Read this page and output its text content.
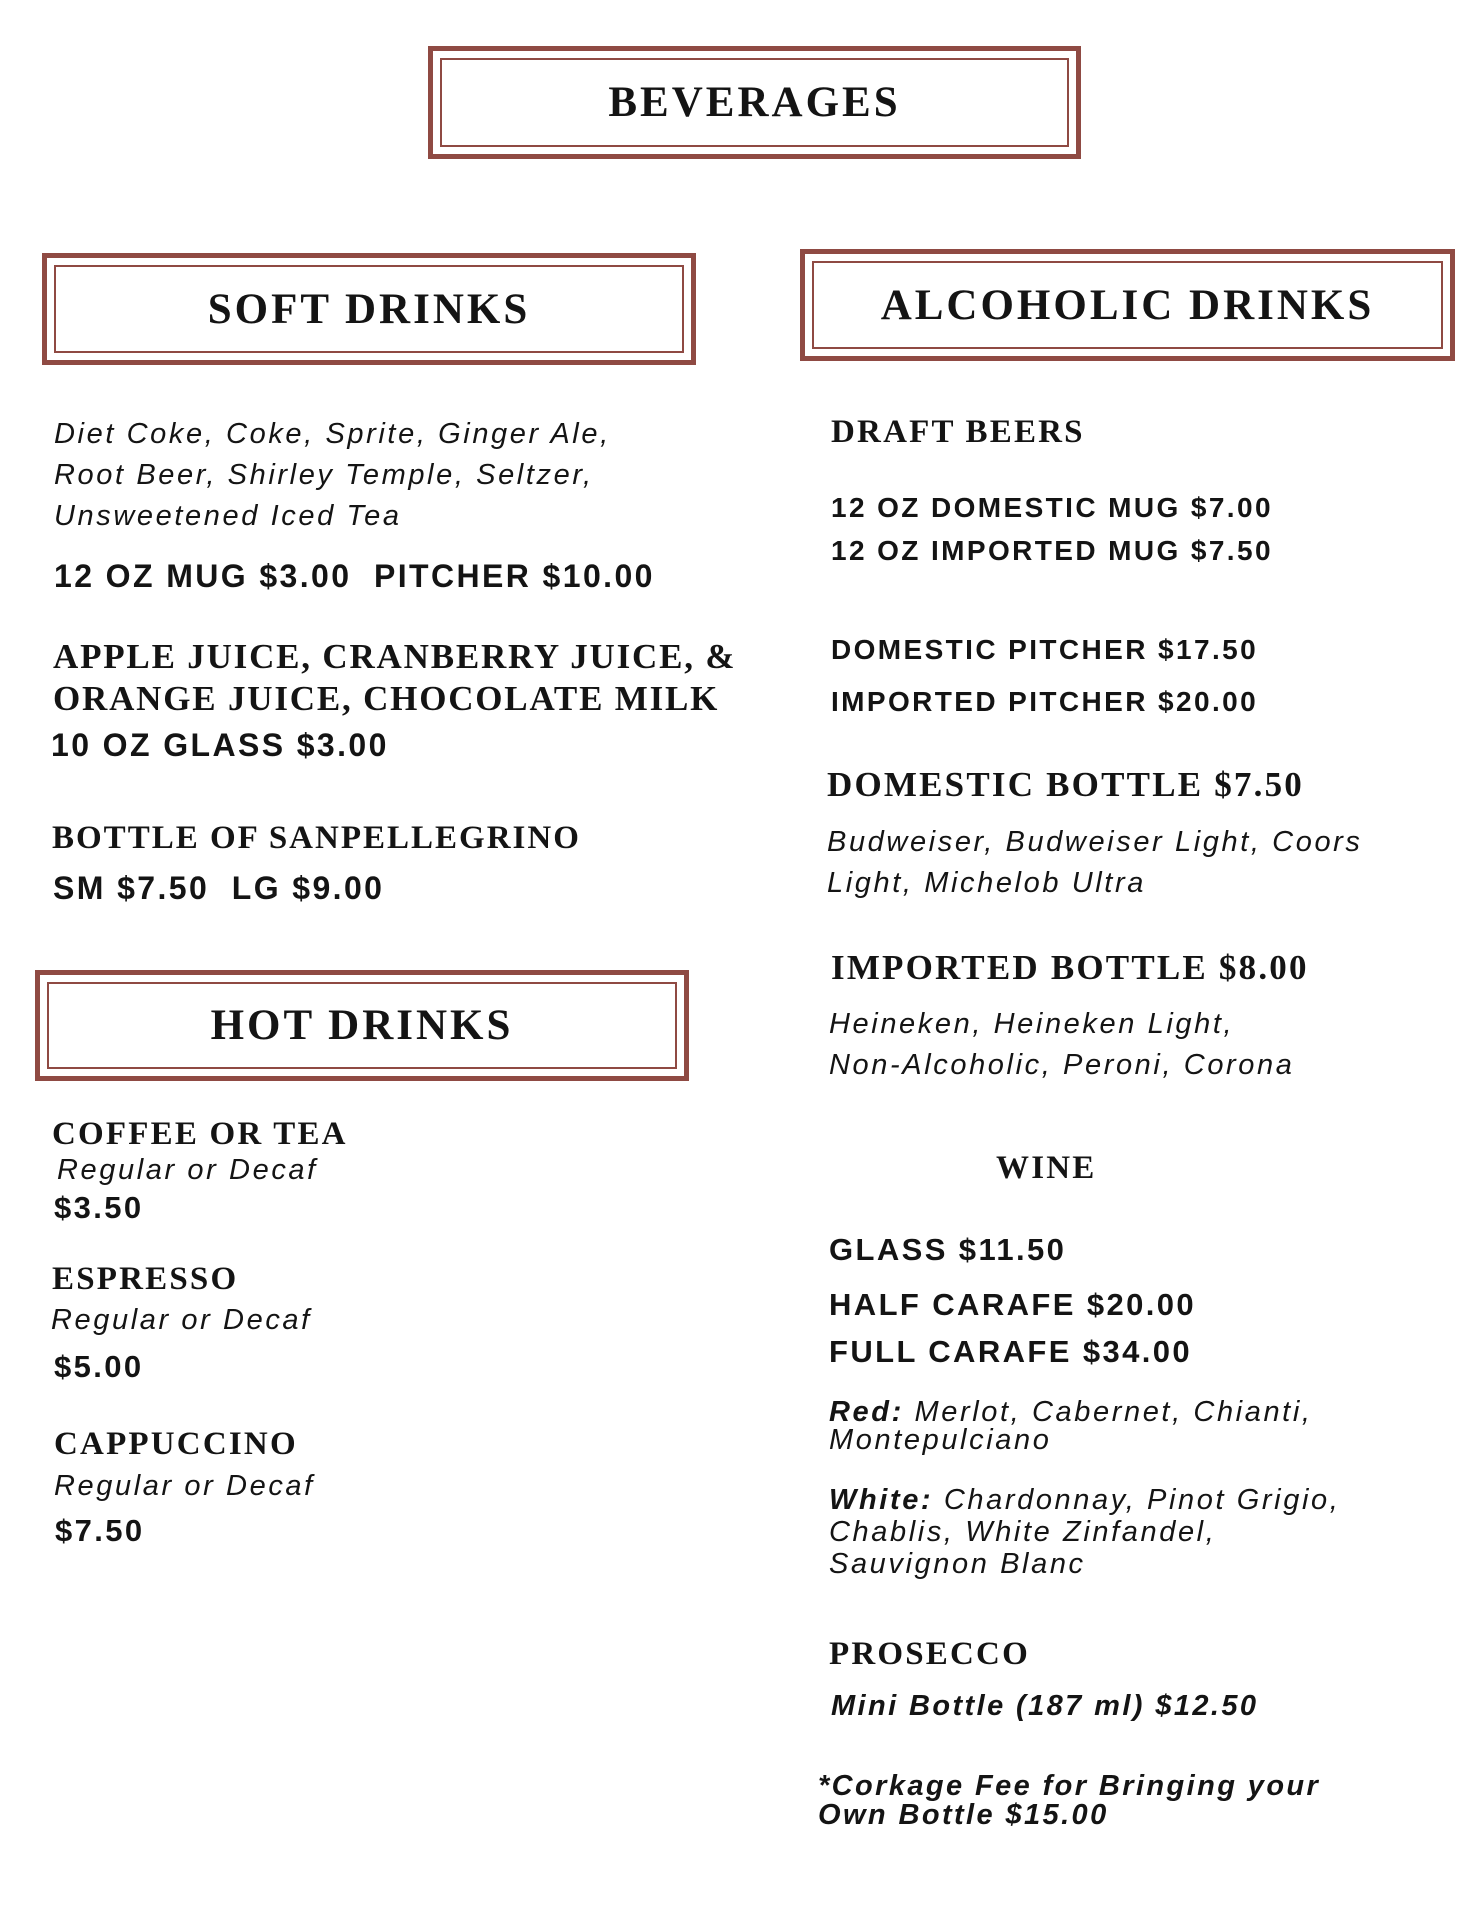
BEVERAGES
SOFT DRINKS
Diet Coke, Coke, Sprite, Ginger Ale,
Root Beer, Shirley Temple, Seltzer,
Unsweetened Iced Tea
12 OZ MUG $3.00  PITCHER $10.00
APPLE JUICE, CRANBERRY JUICE, &
ORANGE JUICE, CHOCOLATE MILK
10 OZ GLASS $3.00
BOTTLE OF SANPELLEGRINO
SM $7.50  LG $9.00
HOT DRINKS
COFFEE OR TEA
Regular or Decaf
$3.50
ESPRESSO
Regular or Decaf
$5.00
CAPPUCCINO
Regular or Decaf
$7.50
ALCOHOLIC DRINKS
DRAFT BEERS
12 OZ DOMESTIC MUG $7.00
12 OZ IMPORTED MUG $7.50
DOMESTIC PITCHER $17.50
IMPORTED PITCHER $20.00
DOMESTIC BOTTLE $7.50
Budweiser, Budweiser Light, Coors
Light, Michelob Ultra
IMPORTED BOTTLE $8.00
Heineken, Heineken Light,
Non-Alcoholic, Peroni, Corona
WINE
GLASS $11.50
HALF CARAFE $20.00
FULL CARAFE $34.00
Red: Merlot, Cabernet, Chianti,
Montepulciano
White: Chardonnay, Pinot Grigio,
Chablis, White Zinfandel,
Sauvignon Blanc
PROSECCO
Mini Bottle (187 ml) $12.50
*Corkage Fee for Bringing your
Own Bottle $15.00
